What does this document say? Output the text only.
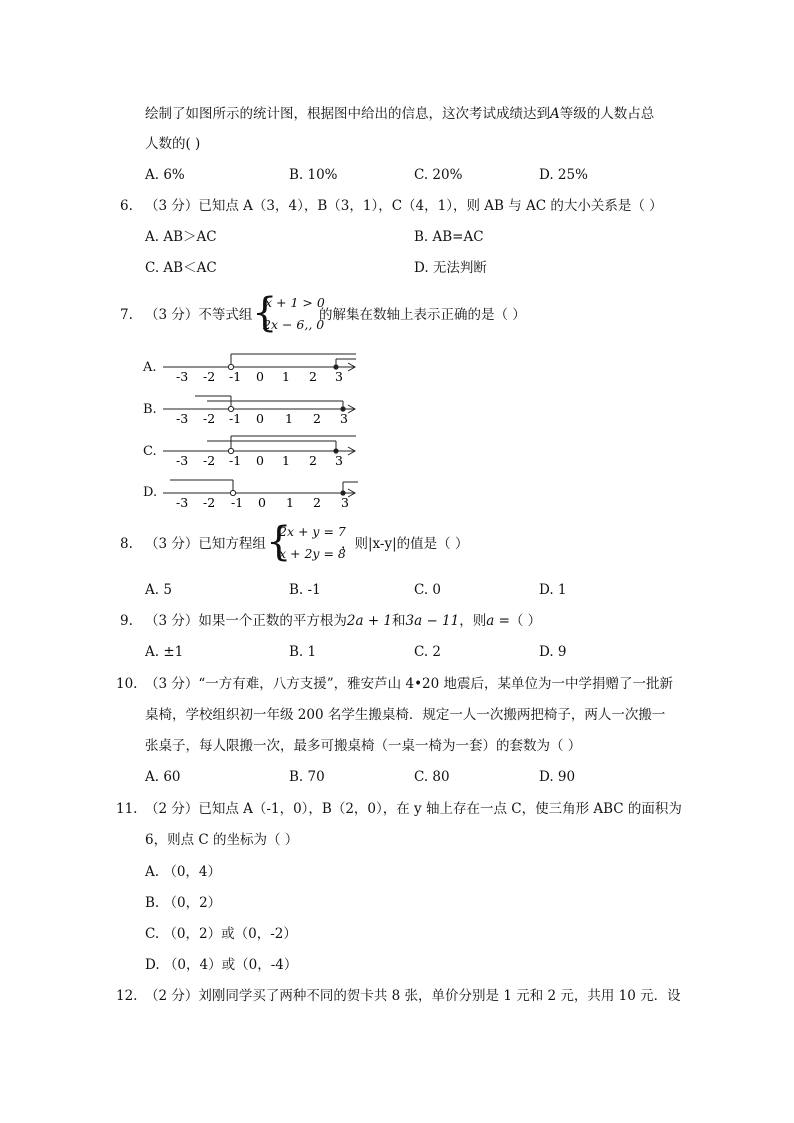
绘制了如图所示的统计图，根据图中给出的信息，这次考试成绩达到A等级的人数占总
人数的( )
A. 6%	B. 10%	C. 20%	D. 25%
6. （3 分）已知点 A（3，4），B（3，1），C（4，1），则 AB 与 AC 的大小关系是（ ）
A. AB＞AC	B. AB=AC
C. AB＜AC	D. 无法判断
7. （3 分）不等式组 {
x + 1 > 0
2x − 6,, 0
的解集在数轴上表示正确的是（ ）
A.
B.
C.
D.
-3 -2 -1 0 1 2 3
-3 -2 -1 0 1 2 3
-3 -2 -1 0 1 2 3
-3 -2 -1 0 1 2 3
8. （3 分）已知方程组 {
2x + y = 7
x + 2y = 8
，则|x-y|的值是（ ）
A. 5	B. -1	C. 0	D. 1
9. （3 分）如果一个正数的平方根为2a + 1和3a − 11，则a =（ ）
A. ±1	B. 1	C. 2	D. 9
10. （3 分）“一方有难，八方支援”，雅安芦山 4•20 地震后，某单位为一中学捐赠了一批新
桌椅，学校组织初一年级 200 名学生搬桌椅．规定一人一次搬两把椅子，两人一次搬一
张桌子，每人限搬一次，最多可搬桌椅（一桌一椅为一套）的套数为（ ）
A. 60	B. 70	C. 80	D. 90
11. （2 分）已知点 A（-1，0），B（2，0），在 y 轴上存在一点 C，使三角形 ABC 的面积为
6，则点 C 的坐标为（ ）
A. （0，4）
B. （0，2）
C. （0，2）或（0，-2）
D. （0，4）或（0，-4）
12. （2 分）刘刚同学买了两种不同的贺卡共 8 张，单价分别是 1 元和 2 元，共用 10 元．设
